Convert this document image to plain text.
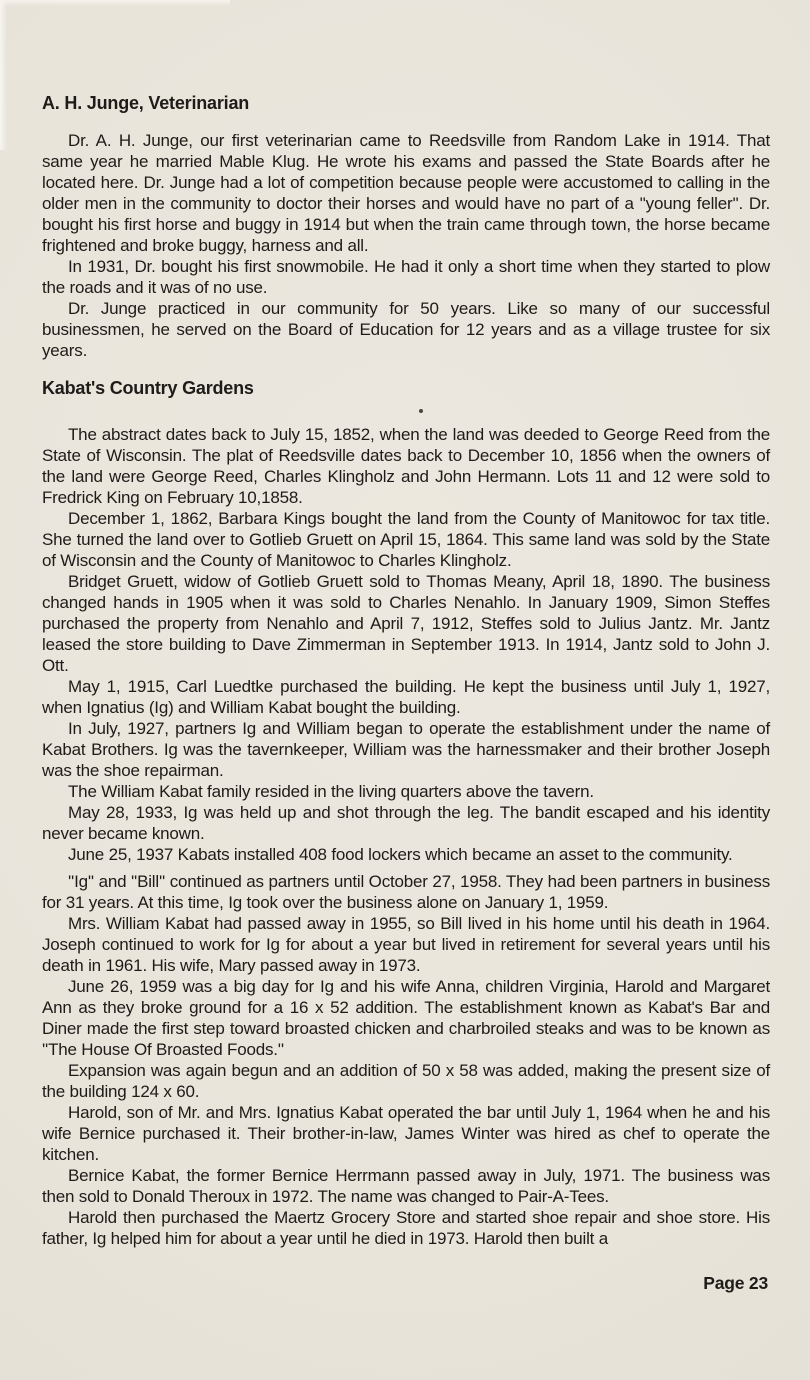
A. H. Junge, Veterinarian

Dr. A. H. Junge, our first veterinarian came to Reedsville from Random Lake in 1914. That same year he married Mable Klug. He wrote his exams and passed the State Boards after he located here. Dr. Junge had a lot of competition because people were accustomed to calling in the older men in the community to doctor their horses and would have no part of a ''young feller''. Dr. bought his first horse and buggy in 1914 but when the train came through town, the horse became frightened and broke buggy, harness and all.

In 1931, Dr. bought his first snowmobile. He had it only a short time when they started to plow the roads and it was of no use.

Dr. Junge practiced in our community for 50 years. Like so many of our successful businessmen, he served on the Board of Education for 12 years and as a village trustee for six years.

Kabat's Country Gardens

The abstract dates back to July 15, 1852, when the land was deeded to George Reed from the State of Wisconsin. The plat of Reedsville dates back to December 10, 1856 when the owners of the land were George Reed, Charles Klingholz and John Hermann. Lots 11 and 12 were sold to Fredrick King on February 10,1858.

December 1, 1862, Barbara Kings bought the land from the County of Manitowoc for tax title. She turned the land over to Gotlieb Gruett on April 15, 1864. This same land was sold by the State of Wisconsin and the County of Manitowoc to Charles Klingholz.

Bridget Gruett, widow of Gotlieb Gruett sold to Thomas Meany, April 18, 1890. The business changed hands in 1905 when it was sold to Charles Nenahlo. In January 1909, Simon Steffes purchased the property from Nenahlo and April 7, 1912, Steffes sold to Julius Jantz. Mr. Jantz leased the store building to Dave Zimmerman in September 1913. In 1914, Jantz sold to John J. Ott.

May 1, 1915, Carl Luedtke purchased the building. He kept the business until July 1, 1927, when Ignatius (Ig) and William Kabat bought the building.

In July, 1927, partners Ig and William began to operate the establishment under the name of Kabat Brothers. Ig was the tavernkeeper, William was the harnessmaker and their brother Joseph was the shoe repairman.

The William Kabat family resided in the living quarters above the tavern.

May 28, 1933, Ig was held up and shot through the leg. The bandit escaped and his identity never became known.

June 25, 1937 Kabats installed 408 food lockers which became an asset to the community.

''Ig'' and ''Bill'' continued as partners until October 27, 1958. They had been partners in business for 31 years. At this time, Ig took over the business alone on January 1, 1959.

Mrs. William Kabat had passed away in 1955, so Bill lived in his home until his death in 1964. Joseph continued to work for Ig for about a year but lived in retirement for several years until his death in 1961. His wife, Mary passed away in 1973.

June 26, 1959 was a big day for Ig and his wife Anna, children Virginia, Harold and Margaret Ann as they broke ground for a 16 x 52 addition. The establishment known as Kabat's Bar and Diner made the first step toward broasted chicken and charbroiled steaks and was to be known as ''The House Of Broasted Foods.''

Expansion was again begun and an addition of 50 x 58 was added, making the present size of the building 124 x 60.

Harold, son of Mr. and Mrs. Ignatius Kabat operated the bar until July 1, 1964 when he and his wife Bernice purchased it. Their brother-in-law, James Winter was hired as chef to operate the kitchen.

Bernice Kabat, the former Bernice Herrmann passed away in July, 1971. The business was then sold to Donald Theroux in 1972. The name was changed to Pair-A-Tees.

Harold then purchased the Maertz Grocery Store and started shoe repair and shoe store. His father, Ig helped him for about a year until he died in 1973. Harold then built a

Page 23
